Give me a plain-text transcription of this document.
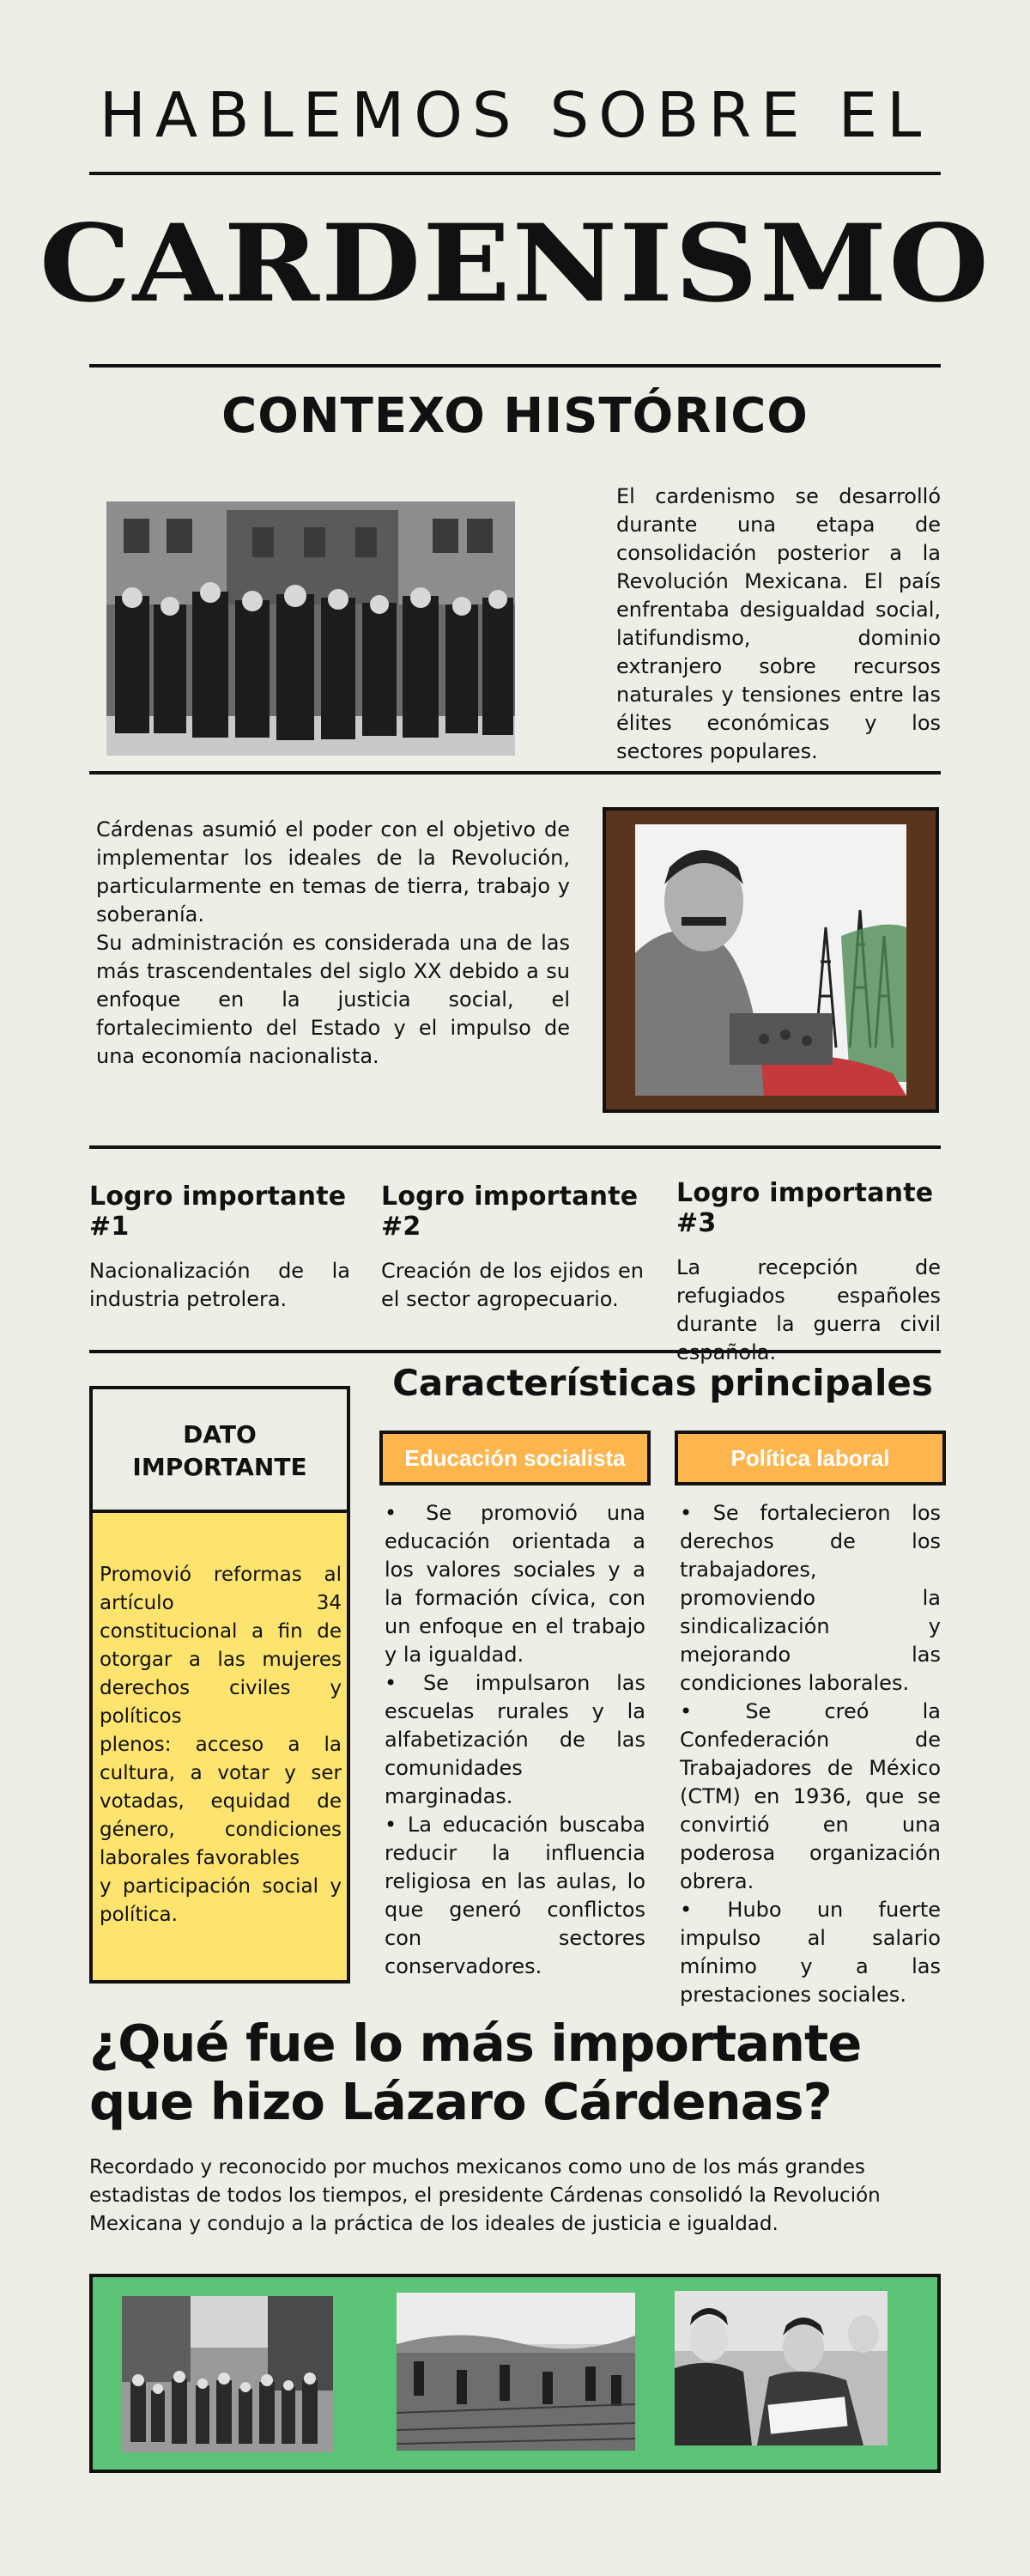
HABLEMOS SOBRE EL
CARDENISMO
CONTEXO HISTÓRICO
El cardenismo se desarrolló durante una etapa de consolidación posterior a la Revolución Mexicana. El país enfrentaba desigualdad social, latifundismo, dominio extranjero sobre recursos naturales y tensiones entre las élites económicas y los sectores populares.
Cárdenas asumió el poder con el objetivo de implementar los ideales de la Revolución, particularmente en temas de tierra, trabajo y soberanía.
Su administración es considerada una de las más trascendentales del siglo XX debido a su enfoque en la justicia social, el fortalecimiento del Estado y el impulso de una economía nacionalista.
Logro importante #1
Nacionalización de la industria petrolera.
Logro importante #2
Creación de los ejidos en el sector agropecuario.
Logro importante #3
La recepción de refugiados españoles durante la guerra civil
DATO
IMPORTANTE
Promovió reformas al artículo 34 constitucional a fin de otorgar a las mujeres derechos civiles y políticos
plenos: acceso a la cultura, a votar y ser votadas, equidad de género, condiciones laborales favorables
y participación social y política.
Características principales
Educación socialista	Política laboral
• Se promovió una educación orientada a los valores sociales y a la formación cívica, con un enfoque en el trabajo y la igualdad.
• Se impulsaron las escuelas rurales y la alfabetización de las comunidades marginadas.
• La educación buscaba reducir la influencia religiosa en las aulas, lo que generó conflictos con sectores conservadores.
• Se fortalecieron los derechos de los trabajadores, promoviendo la sindicalización y mejorando las condiciones laborales.
• Se creó la Confederación de Trabajadores de México (CTM) en 1936, que se convirtió en una poderosa organización obrera.
• Hubo un fuerte impulso al salario mínimo y a las prestaciones sociales.
¿Qué fue lo más importante
que hizo Lázaro Cárdenas?
Recordado y reconocido por muchos mexicanos como uno de los más grandes estadistas de todos los tiempos, el presidente Cárdenas consolidó la Revolución Mexicana y condujo a la práctica de los ideales de justicia e igualdad.
